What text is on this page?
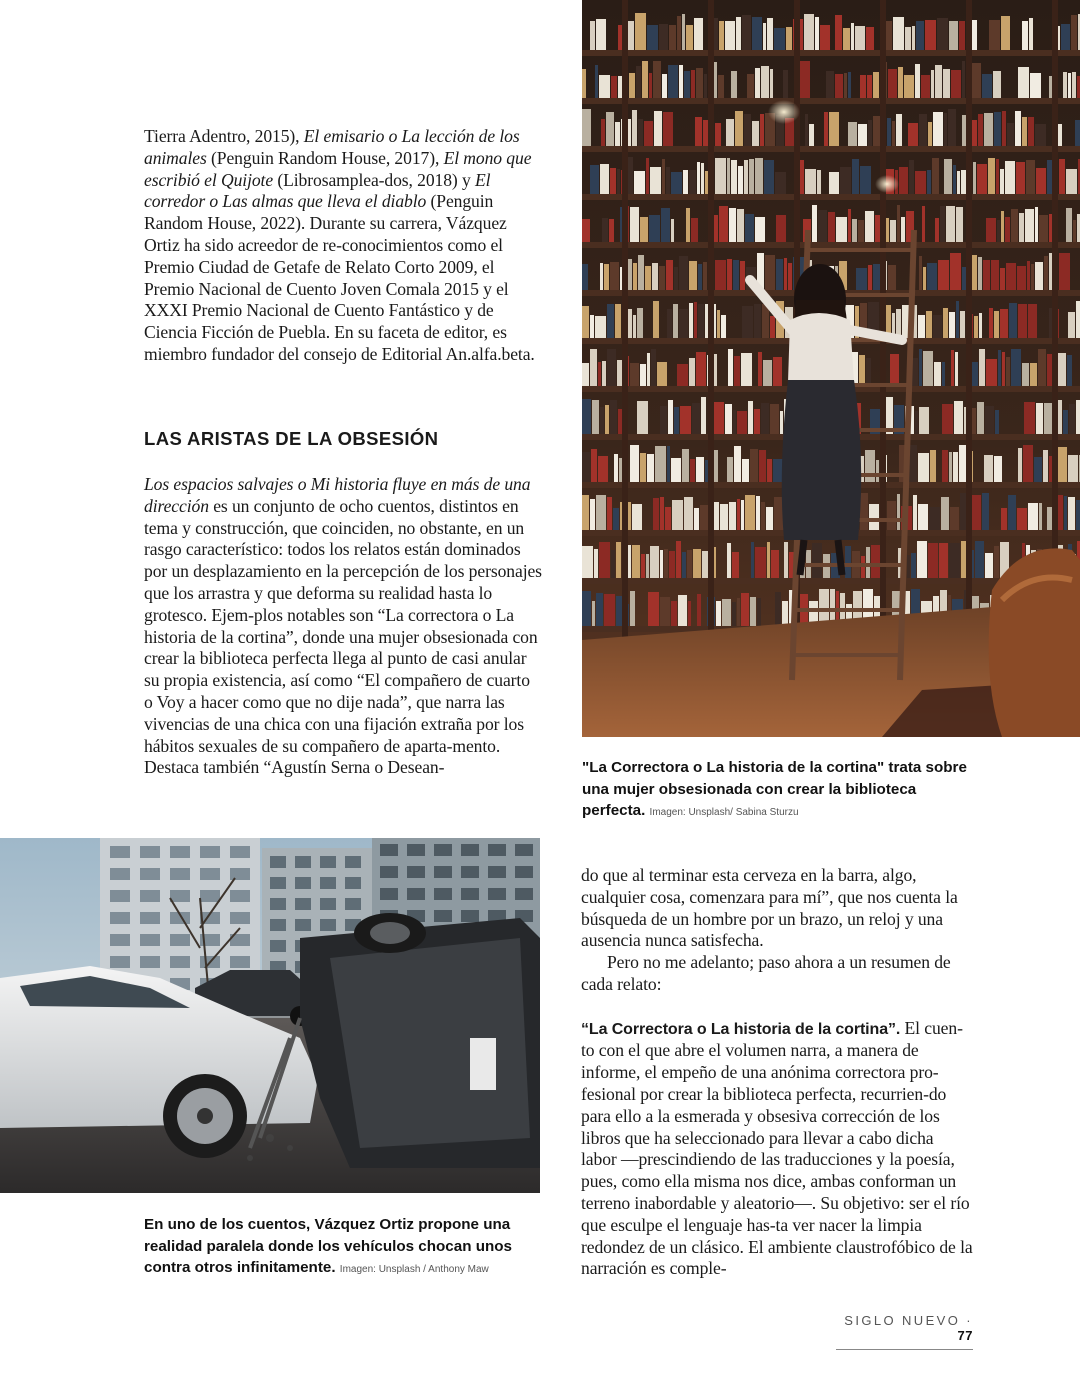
Tierra Adentro, 2015), El emisario o La lección de los animales (Penguin Random House, 2017), El mono que escribió el Quijote (Librosamplea-dos, 2018) y El corredor o Las almas que lleva el diablo (Penguin Random House, 2022). Durante su carrera, Vázquez Ortiz ha sido acreedor de re-conocimientos como el Premio Ciudad de Getafe de Relato Corto 2009, el Premio Nacional de Cuento Joven Comala 2015 y el XXXI Premio Nacional de Cuento Fantástico y de Ciencia Ficción de Puebla. En su faceta de editor, es miembro fundador del consejo de Editorial An.alfa.beta.

LAS ARISTAS DE LA OBSESIÓN

Los espacios salvajes o Mi historia fluye en más de una dirección es un conjunto de ocho cuentos, distintos en tema y construcción, que coinciden, no obstante, en un rasgo característico: todos los relatos están dominados por un desplazamiento en la percepción de los personajes que los arrastra y que deforma su realidad hasta lo grotesco. Ejem-plos notables son “La correctora o La historia de la cortina”, donde una mujer obsesionada con crear la biblioteca perfecta llega al punto de casi anular su propia existencia, así como “El compañero de cuarto o Voy a hacer como que no dije nada”, que narra las vivencias de una chica con una fijación extraña por los hábitos sexuales de su compañero de aparta-mento. Destaca también “Agustín Serna o Desean-	"La Correctora o La historia de la cortina" trata sobre una mujer obsesionada con crear la biblioteca perfecta. Imagen: Unsplash/ Sabina Sturzu
En uno de los cuentos, Vázquez Ortiz propone una realidad paralela donde los vehículos chocan unos contra otros infinitamente. Imagen: Unsplash / Anthony Maw

do que al terminar esta cerveza en la barra, algo, cualquier cosa, comenzara para mí”, que nos cuenta la búsqueda de un hombre por un brazo, un reloj y una ausencia nunca satisfecha.

Pero no me adelanto; paso ahora a un resumen de cada relato:

“La Correctora o La historia de la cortina”. El cuen-to con el que abre el volumen narra, a manera de informe, el empeño de una anónima correctora pro-fesional por crear la biblioteca perfecta, recurrien-do para ello a la esmerada y obsesiva corrección de los libros que ha seleccionado para llevar a cabo dicha labor —prescindiendo de las traducciones y la poesía, pues, como ella misma nos dice, ambas conforman un terreno inabordable y aleatorio—. Su objetivo: ser el río que esculpe el lenguaje has-ta ver nacer la limpia redondez de un clásico. El ambiente claustrofóbico de la narración es comple-

SIGLO NUEVO · 77
